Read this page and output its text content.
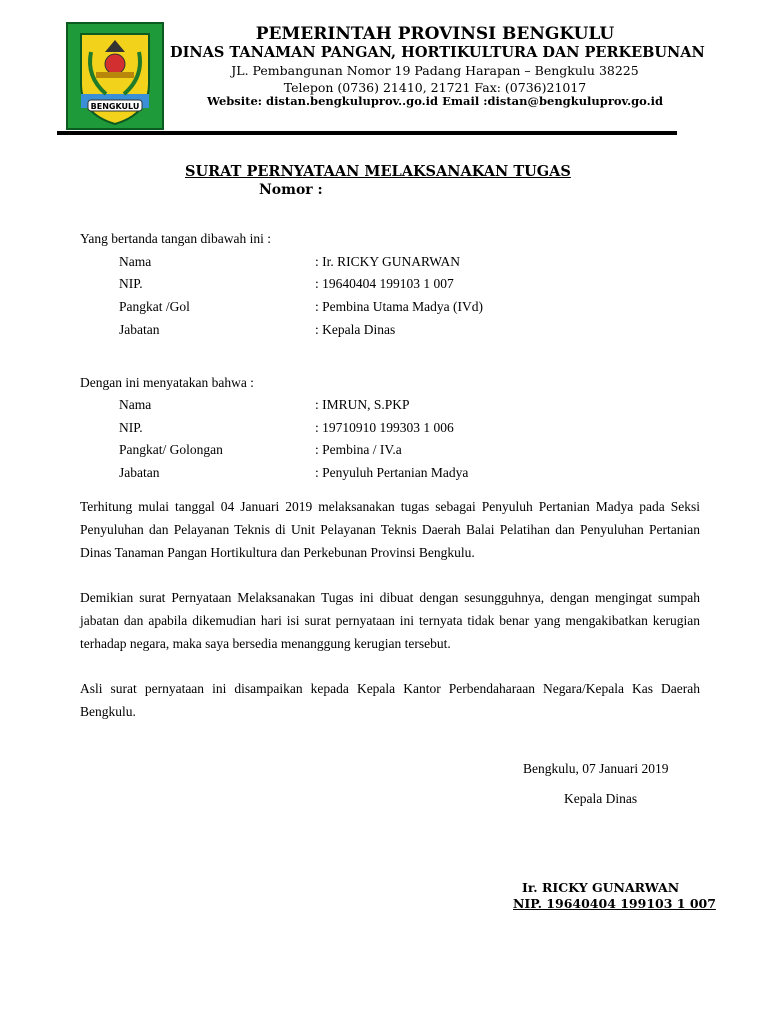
BENGKULU
PEMERINTAH PROVINSI BENGKULU
DINAS TANAMAN PANGAN, HORTIKULTURA DAN PERKEBUNAN
JL. Pembangunan Nomor 19 Padang Harapan – Bengkulu 38225
Telepon (0736) 21410, 21721 Fax: (0736)21017
Website: distan.bengkuluprov..go.id Email :distan@bengkuluprov.go.id
SURAT PERNYATAAN MELAKSANAKAN TUGAS
Nomor :
Yang bertanda tangan dibawah ini :
Nama	: Ir. RICKY GUNARWAN
NIP.	: 19640404 199103 1 007
Pangkat /Gol	: Pembina Utama Madya (IVd)
Jabatan	: Kepala Dinas
Dengan ini menyatakan bahwa :
Nama	: IMRUN, S.PKP
NIP.	: 19710910 199303 1 006
Pangkat/ Golongan	: Pembina / IV.a
Jabatan	: Penyuluh Pertanian Madya
Terhitung mulai tanggal 04 Januari 2019 melaksanakan tugas sebagai Penyuluh Pertanian Madya pada Seksi Penyuluhan dan Pelayanan Teknis di Unit Pelayanan Teknis Daerah Balai Pelatihan dan Penyuluhan Pertanian Dinas Tanaman Pangan Hortikultura dan Perkebunan Provinsi Bengkulu.
Demikian surat Pernyataan Melaksanakan Tugas ini dibuat dengan sesungguhnya, dengan mengingat sumpah jabatan dan apabila dikemudian hari isi surat pernyataan ini ternyata tidak benar yang mengakibatkan kerugian terhadap negara, maka saya bersedia menanggung kerugian tersebut.
Asli surat pernyataan ini disampaikan kepada Kepala Kantor Perbendaharaan Negara/Kepala Kas Daerah Bengkulu.
Bengkulu, 07 Januari 2019
Kepala Dinas
Ir. RICKY GUNARWAN
NIP. 19640404 199103 1 007
